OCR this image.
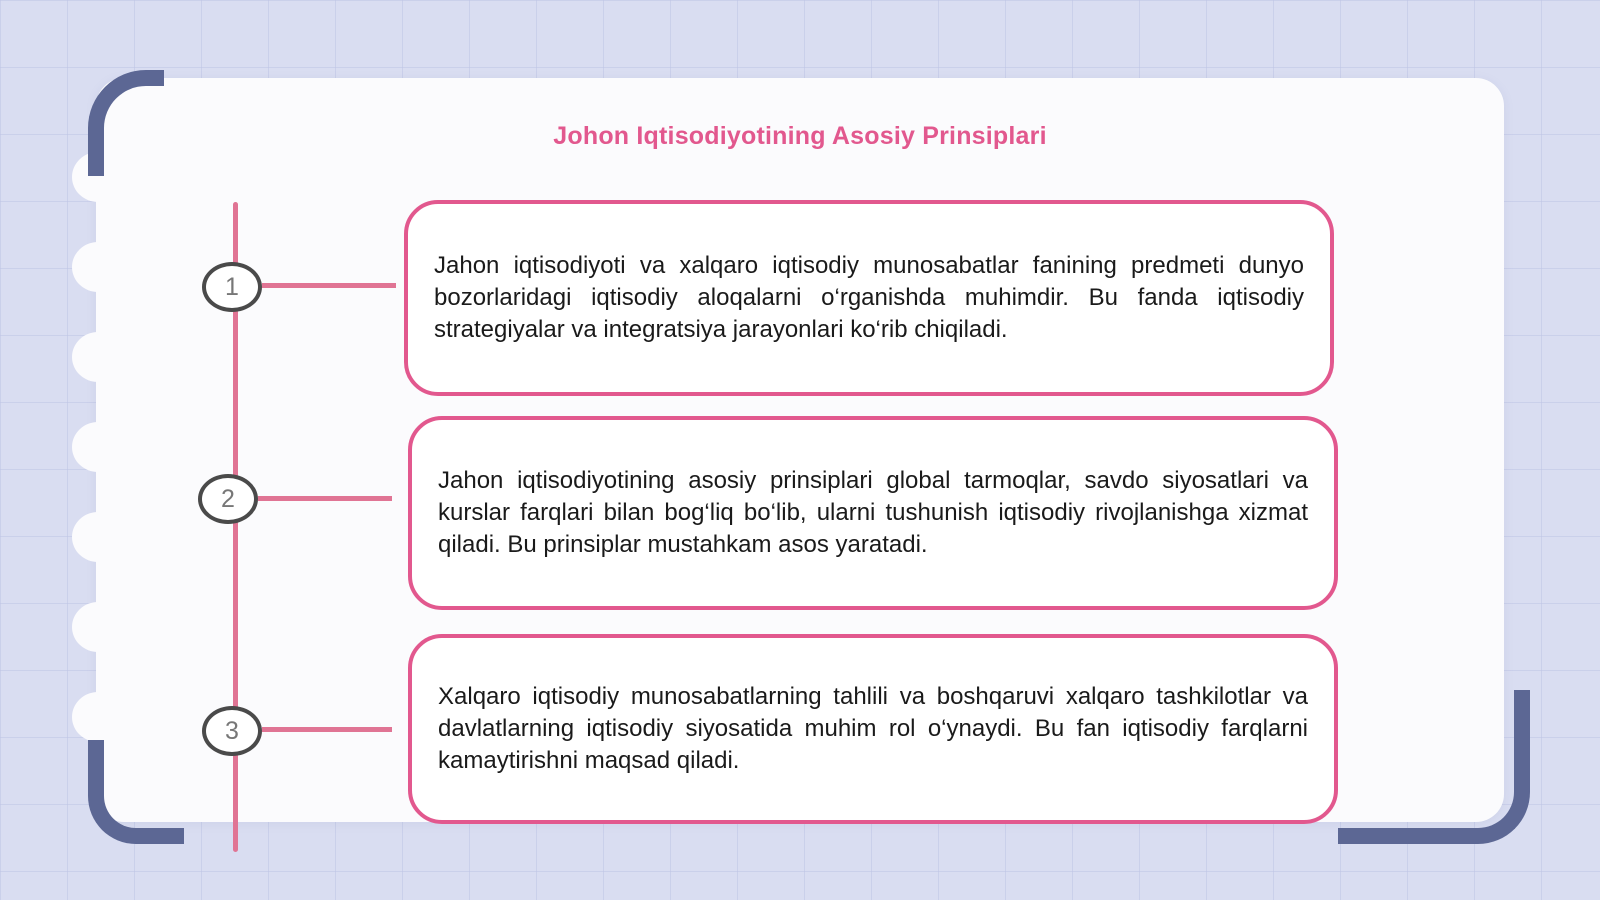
Johon Iqtisodiyotining Asosiy Prinsiplari
1
2
3

Jahon iqtisodiyoti va xalqaro iqtisodiy munosabatlar fanining predmeti dunyo bozorlaridagi iqtisodiy aloqalarni o‘rganishda muhimdir. Bu fanda iqtisodiy strategiyalar va integratsiya jarayonlari ko‘rib chiqiladi.

Jahon iqtisodiyotining asosiy prinsiplari global tarmoqlar, savdo siyosatlari va kurslar farqlari bilan bog‘liq bo‘lib, ularni tushunish iqtisodiy rivojlanishga xizmat qiladi. Bu prinsiplar mustahkam asos yaratadi.

Xalqaro iqtisodiy munosabatlarning tahlili va boshqaruvi xalqaro tashkilotlar va davlatlarning iqtisodiy siyosatida muhim rol o‘ynaydi. Bu fan iqtisodiy farqlarni kamaytirishni maqsad qiladi.
